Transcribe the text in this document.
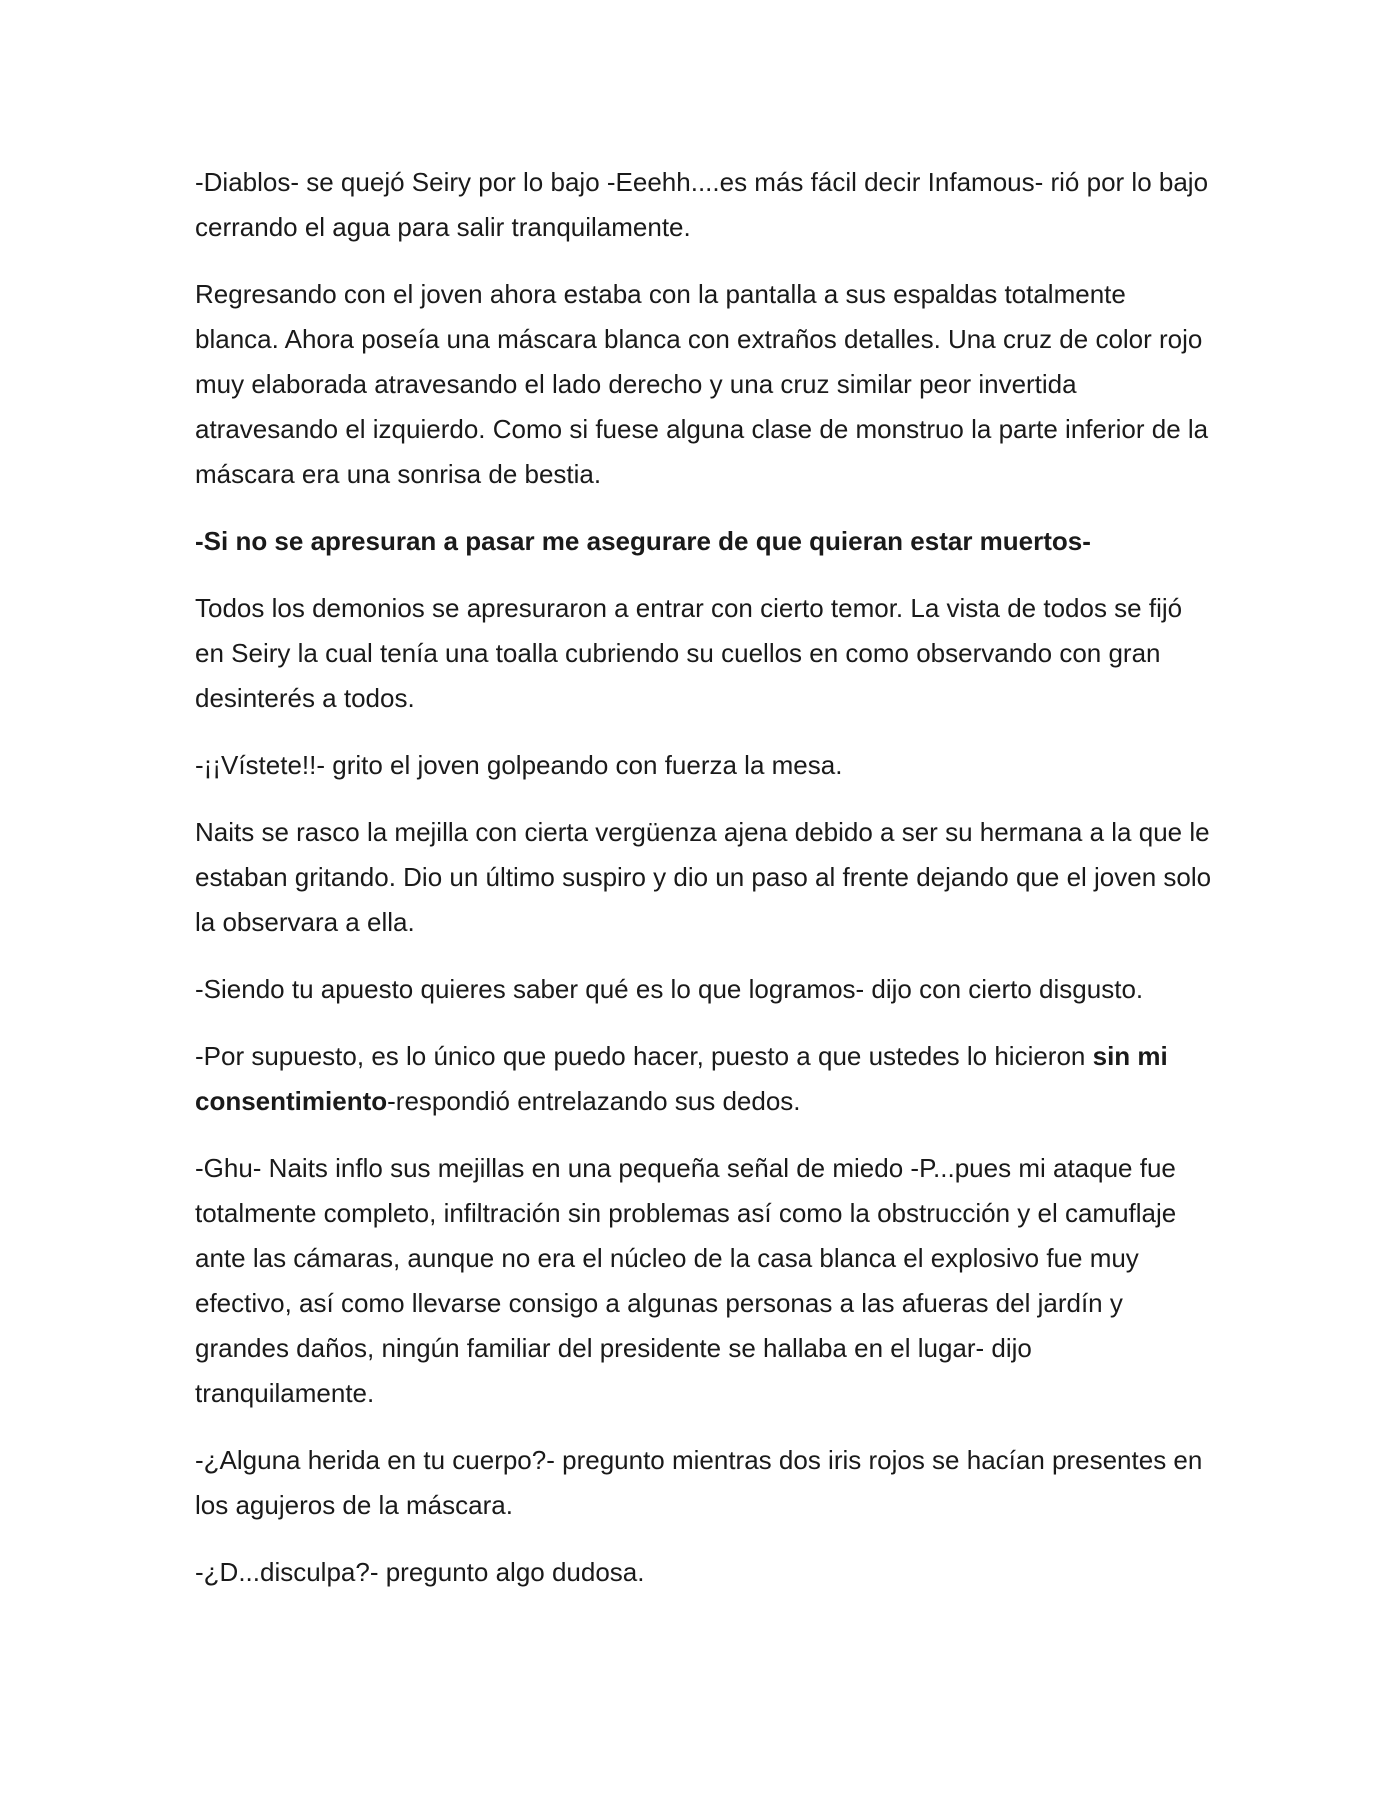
-Diablos- se quejó Seiry por lo bajo -Eeehh....es más fácil decir Infamous- rió por lo bajo cerrando el agua para salir tranquilamente.

Regresando con el joven ahora estaba con la pantalla a sus espaldas totalmente blanca. Ahora poseía una máscara blanca con extraños detalles. Una cruz de color rojo muy elaborada atravesando el lado derecho y una cruz similar peor invertida atravesando el izquierdo. Como si fuese alguna clase de monstruo la parte inferior de la máscara era una sonrisa de bestia.

-Si no se apresuran a pasar me asegurare de que quieran estar muertos-

Todos los demonios se apresuraron a entrar con cierto temor. La vista de todos se fijó en Seiry la cual tenía una toalla cubriendo su cuellos en como observando con gran desinterés a todos.

-¡¡Vístete!!- grito el joven golpeando con fuerza la mesa.

Naits se rasco la mejilla con cierta vergüenza ajena debido a ser su hermana a la que le estaban gritando. Dio un último suspiro y dio un paso al frente dejando que el joven solo la observara a ella.

-Siendo tu apuesto quieres saber qué es lo que logramos- dijo con cierto disgusto.

-Por supuesto, es lo único que puedo hacer, puesto a que ustedes lo hicieron sin mi consentimiento-respondió entrelazando sus dedos.

-Ghu- Naits inflo sus mejillas en una pequeña señal de miedo -P...pues mi ataque fue totalmente completo, infiltración sin problemas así como la obstrucción y el camuflaje ante las cámaras, aunque no era el núcleo de la casa blanca el explosivo fue muy efectivo, así como llevarse consigo a algunas personas a las afueras del jardín y grandes daños, ningún familiar del presidente se hallaba en el lugar- dijo tranquilamente.

-¿Alguna herida en tu cuerpo?- pregunto mientras dos iris rojos se hacían presentes en los agujeros de la máscara.

-¿D...disculpa?- pregunto algo dudosa.
